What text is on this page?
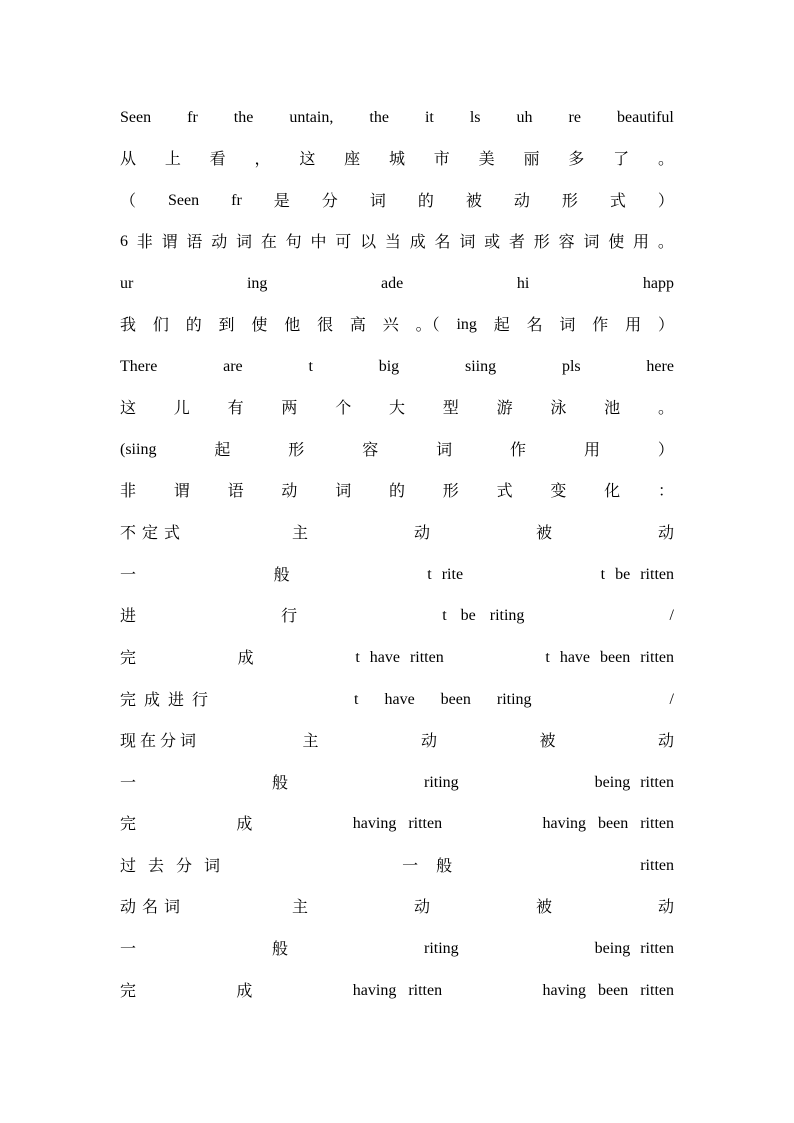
Seen fr the untain, the it ls uh re beautiful
从 上 看 ， 这 座 城 市 美 丽 多 了 。
（ Seen fr 是 分 词 的 被 动 形 式 ）
6 非 谓 语 动 词 在 句 中 可 以 当 成 名 词 或 者 形 容 词 使 用 。
ur	ing	ade	hi	happ
我 们 的 到 使 他 很 高 兴 。（ ing 起 名 词 作 用 ）
There	are	t	big	siing	pls	here
这 儿 有 两 个 大 型 游 泳 池 。
(siing	起	形	容	词	作	用	）
非 谓 语 动 词 的 形 式 变 化 ：
不定式	主	动	被	动
一	般	t rite	t be ritten
进	行	t be riting	/
完	成	t have ritten	t have been ritten
完成进行	t have been riting	/
现在分词	主	动	被	动
一	般	riting	being ritten
完	成	having ritten	having been ritten
过去分词	一般	ritten
动名词	主	动	被	动
一	般	riting	being ritten
完	成	having ritten	having been ritten
